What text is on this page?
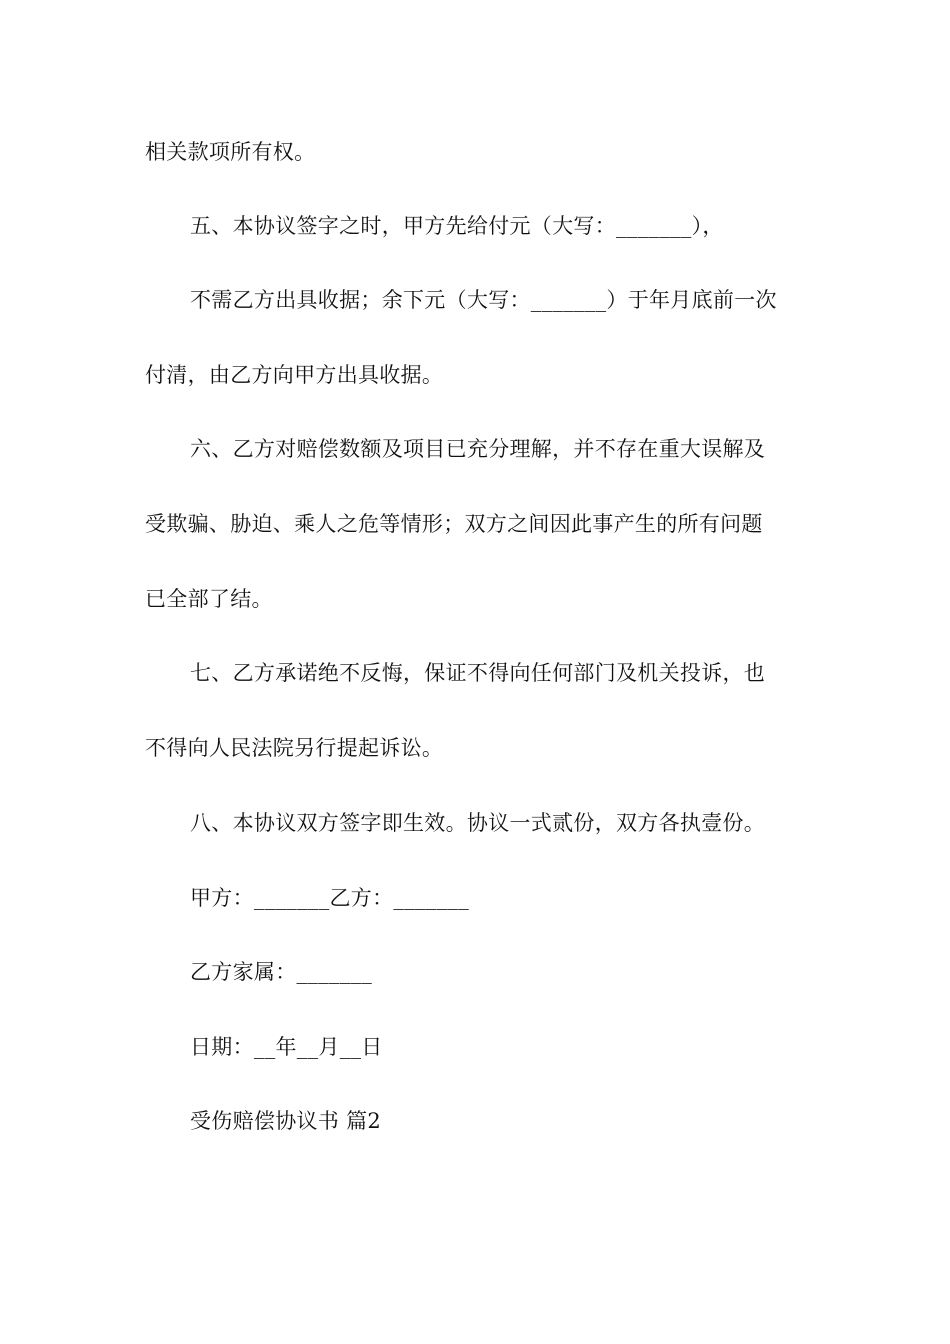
相关款项所有权。
五、本协议签字之时，甲方先给付元（大写：_______），
不需乙方出具收据；余下元（大写：_______）于年月底前一次
付清，由乙方向甲方出具收据。
六、乙方对赔偿数额及项目已充分理解，并不存在重大误解及
受欺骗、胁迫、乘人之危等情形；双方之间因此事产生的所有问题
已全部了结。
七、乙方承诺绝不反悔，保证不得向任何部门及机关投诉，也
不得向人民法院另行提起诉讼。
八、本协议双方签字即生效。协议一式贰份，双方各执壹份。
甲方：_______乙方：_______
乙方家属：_______
日期：__年__月__日
受伤赔偿协议书 篇2
